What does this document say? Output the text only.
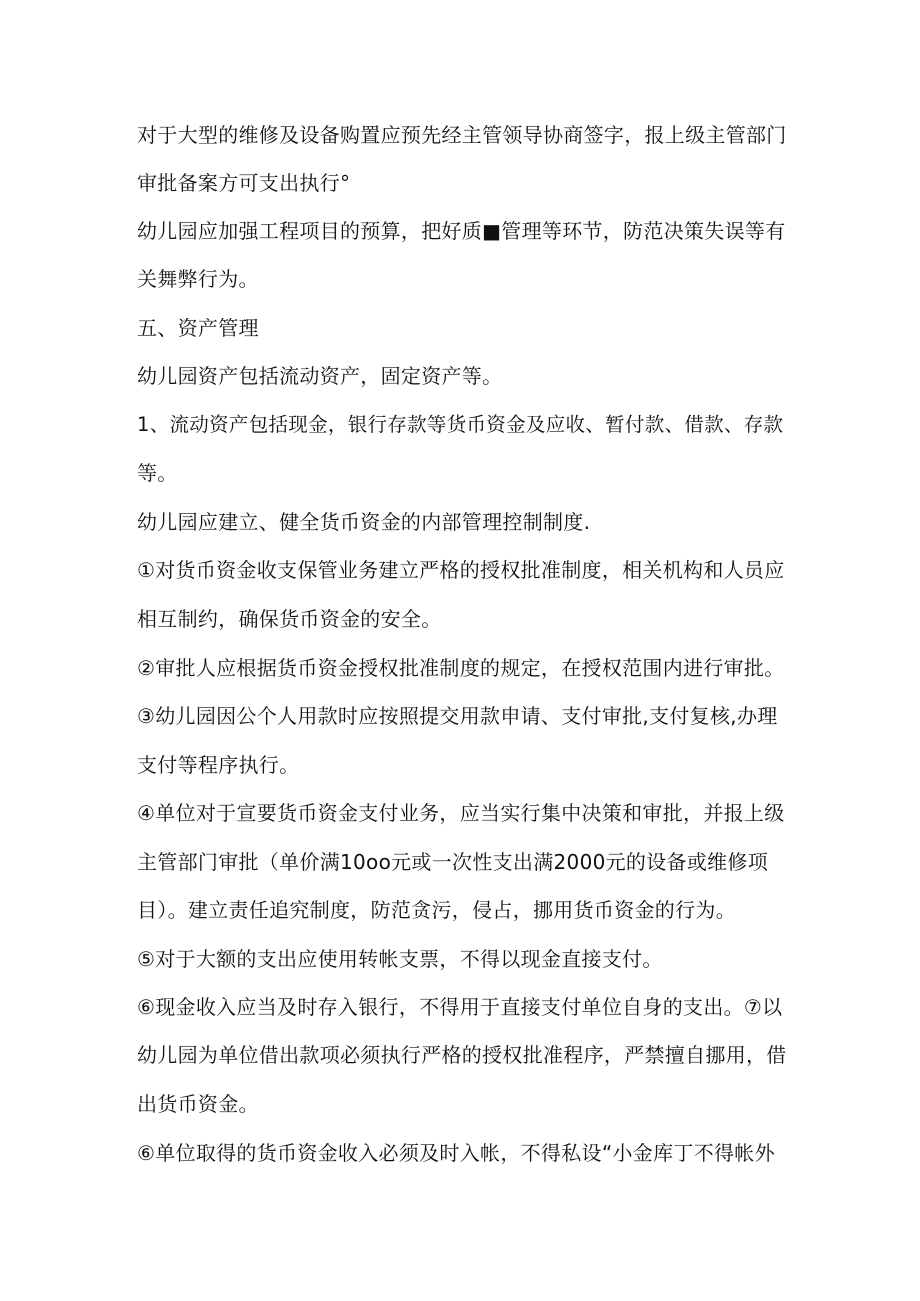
对于大型的维修及设备购置应预先经主管领导协商签字，报上级主管部门
审批备案方可支出执行°
幼儿园应加强工程项目的预算，把好质■管理等环节，防范决策失误等有
关舞弊行为。
五、资产管理
幼儿园资产包括流动资产，固定资产等。
1、流动资产包括现金，银行存款等货币资金及应收、暂付款、借款、存款
等。
幼儿园应建立、健全货币资金的内部管理控制制度.
①对货币资金收支保管业务建立严格的授权批准制度，相关机构和人员应
相互制约，确保货币资金的安全。
②审批人应根据货币资金授权批准制度的规定，在授权范围内进行审批。
③幼儿园因公个人用款时应按照提交用款申请、支付审批,支付复核,办理
支付等程序执行。
④单位对于宣要货币资金支付业务，应当实行集中决策和审批，并报上级
主管部门审批（单价满10oo元或一次性支出满2000元的设备或维修项
目）。建立责任追究制度，防范贪污，侵占，挪用货币资金的行为。
⑤对于大额的支出应使用转帐支票，不得以现金直接支付。
⑥现金收入应当及时存入银行，不得用于直接支付单位自身的支出。⑦以
幼儿园为单位借出款项必须执行严格的授权批准程序，严禁擅自挪用，借
出货币资金。
⑥单位取得的货币资金收入必须及时入帐，不得私设“小金库丁不得帐外
